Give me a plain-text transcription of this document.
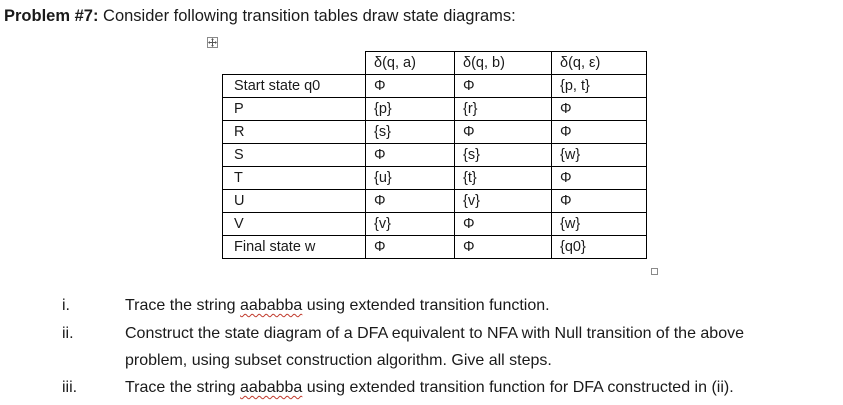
Problem #7: Consider following transition tables draw state diagrams:
	δ(q, a)	δ(q, b)	δ(q, ε)
Start state q0	Φ	Φ	{p, t}
P	{p}	{r}	Φ
R	{s}	Φ	Φ
S	Φ	{s}	{w}
T	{u}	{t}	Φ
U	Φ	{v}	Φ
V	{v}	Φ	{w}
Final state w	Φ	Φ	{q0}
i.	Trace the string aababba using extended transition function.
ii.	Construct the state diagram of a DFA equivalent to NFA with Null transition of the above
problem, using subset construction algorithm. Give all steps.
iii.	Trace the string aababba using extended transition function for DFA constructed in (ii).
